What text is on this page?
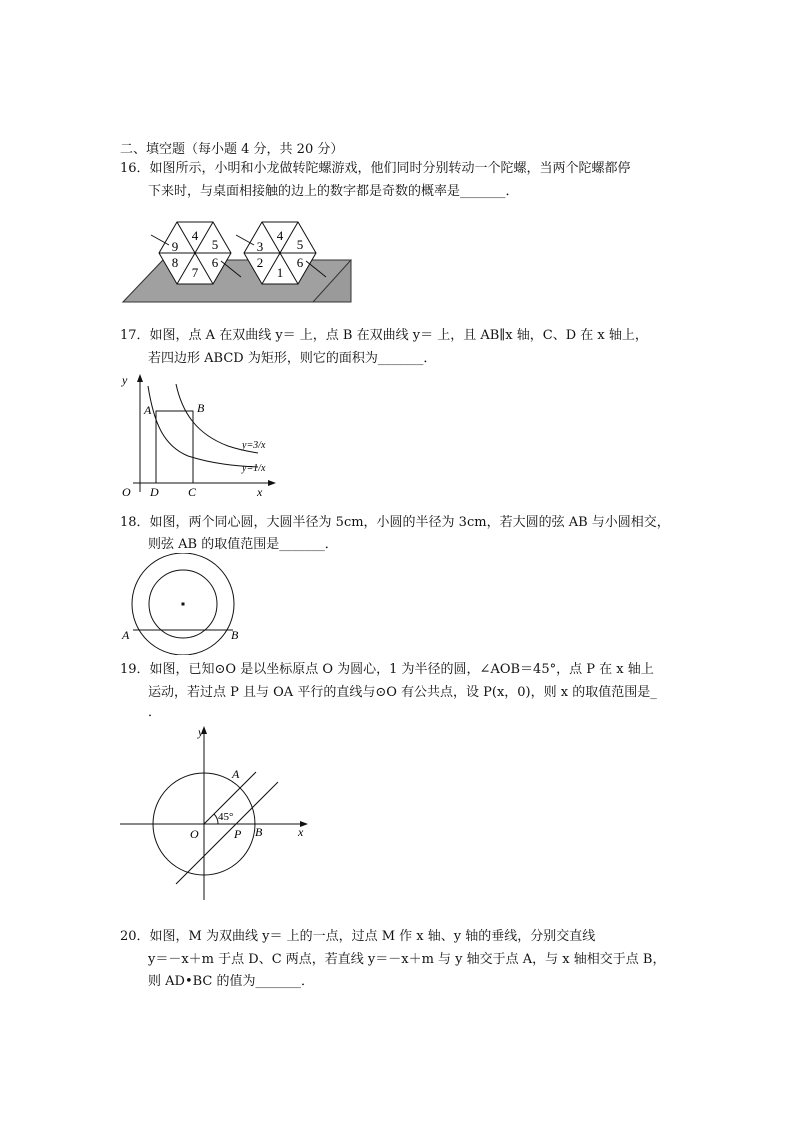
二、填空题（每小题 4 分，共 20 分）
16．如图所示，小明和小龙做转陀螺游戏，他们同时分别转动一个陀螺，当两个陀螺都停
下来时，与桌面相接触的边上的数字都是奇数的概率是_______．
9
4
5
8
7
6
3
4
5
2
1
6
17．如图，点 A 在双曲线 y＝ 上，点 B 在双曲线 y＝ 上，且 AB∥x 轴，C、D 在 x 轴上，
若四边形 ABCD 为矩形，则它的面积为_______．
y
x
O D C
A	B
y=3/x
y=1/x
18．如图，两个同心圆，大圆半径为 5cm，小圆的半径为 3cm，若大圆的弦 AB 与小圆相交，
则弦 AB 的取值范围是_______．
A	B
19．如图，已知⊙O 是以坐标原点 O 为圆心，1 为半径的圆，∠AOB＝45°，点 P 在 x 轴上
运动，若过点 P 且与 OA 平行的直线与⊙O 有公共点，设 P(x，0)，则 x 的取值范围是_
．
y
x
O
A
P B
45°
20．如图，M 为双曲线 y＝ 上的一点，过点 M 作 x 轴、y 轴的垂线，分别交直线
y＝－x＋m 于点 D、C 两点，若直线 y＝－x＋m 与 y 轴交于点 A，与 x 轴相交于点 B，
则 AD•BC 的值为_______．
